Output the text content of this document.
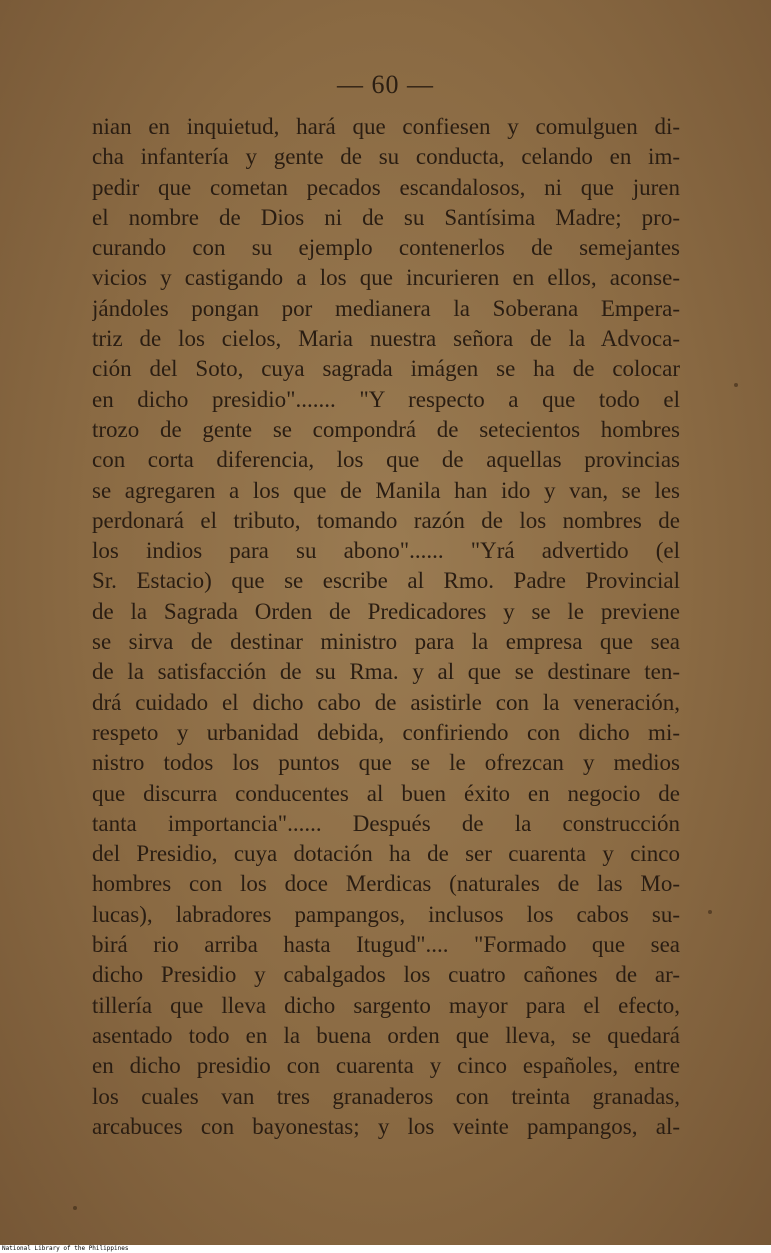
— 60 —
nian en inquietud, hará que confiesen y comulguen di-
cha infantería y gente de su conducta, celando en im-
pedir que cometan pecados escandalosos, ni que juren
el nombre de Dios ni de su Santísima Madre; pro-
curando con su ejemplo contenerlos de semejantes
vicios y castigando a los que incurieren en ellos, aconse-
jándoles pongan por medianera la Soberana Empera-
triz de los cielos, Maria nuestra señora de la Advoca-
ción del Soto, cuya sagrada imágen se ha de colocar
en dicho presidio"....... "Y respecto a que todo el
trozo de gente se compondrá de setecientos hombres
con corta diferencia, los que de aquellas provincias
se agregaren a los que de Manila han ido y van, se les
perdonará el tributo, tomando razón de los nombres de
los indios para su abono"...... "Yrá advertido (el
Sr. Estacio) que se escribe al Rmo. Padre Provincial
de la Sagrada Orden de Predicadores y se le previene
se sirva de destinar ministro para la empresa que sea
de la satisfacción de su Rma. y al que se destinare ten-
drá cuidado el dicho cabo de asistirle con la veneración,
respeto y urbanidad debida, confiriendo con dicho mi-
nistro todos los puntos que se le ofrezcan y medios
que discurra conducentes al buen éxito en negocio de
tanta importancia"...... Después de la construcción
del Presidio, cuya dotación ha de ser cuarenta y cinco
hombres con los doce Merdicas (naturales de las Mo-
lucas), labradores pampangos, inclusos los cabos su-
birá rio arriba hasta Itugud".... "Formado que sea
dicho Presidio y cabalgados los cuatro cañones de ar-
tillería que lleva dicho sargento mayor para el efecto,
asentado todo en la buena orden que lleva, se quedará
en dicho presidio con cuarenta y cinco españoles, entre
los cuales van tres granaderos con treinta granadas,
arcabuces con bayonestas; y los veinte pampangos, al-
National Library of the Philippines
